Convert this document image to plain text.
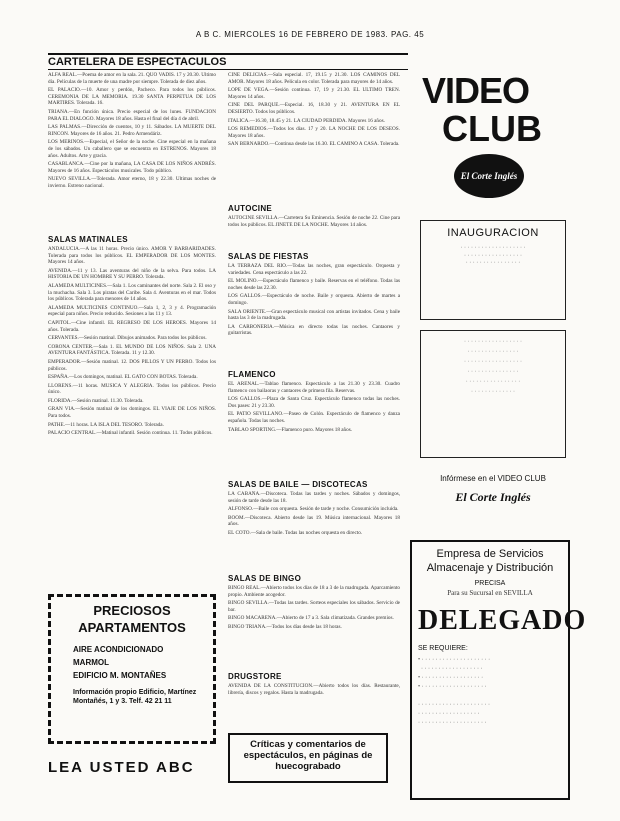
A B C. MIERCOLES 16 DE FEBRERO DE 1983. PAG. 45
CARTELERA DE ESPECTACULOS

ALFA REAL.—Poema de amor en la sala. 21. QUO VADIS. 17 y 20.30. Ultimo día. Películas de la muerte de una madre por siempre. Tolerada de diez años.

EL PALACIO.—10. Amor y perdón, Pacheco. Para todos los públicos. CEREMONIA DE LA MEMORIA. 19.30 SANTA PERPETUA DE LOS MARTIRES. Tolerada. 16.

TRIANA.—En función única. Precio especial de los lunes. FUNDACION PARA EL DIALOGO. Mayores 18 años. Hasta el final del día 4 de abril.

LAS PALMAS.—Dirección de cuentos, 10 y 11. Sábados. LA MUERTE DEL RINCON. Mayores de 16 años. 21. Pedro Armendáriz.

LOS MERINOS.—Especial, el Señor de la noche. Cine especial en la mañana de los sábados. Un caballero que se encuentra en ESTRENOS. Mayores 18 años. Adultos. Arte y gracia.

CASABLANCA.—Cine por la mañana, LA CASA DE LOS NIÑOS ANDRÉS. Mayores de 16 años. Espectáculos musicales. Todo público.

NUEVO SEVILLA.—Tolerada. Amor eterno, 18 y 22.30. Ultimas noches de invierno. Estreno nacional.

SALAS MATINALES

ANDALUCIA.—A las 11 horas. Precio único. AMOR Y BARBARIDADES. Tolerada para todos los públicos. EL EMPERADOR DE LOS MONTES. Mayores 14 años.

AVENIDA.—11 y 13. Las aventuras del niño de la selva. Para todos. LA HISTORIA DE UN HOMBRE Y SU PERRO. Tolerada.

ALAMEDA MULTICINES.—Sala 1. Los caminantes del norte. Sala 2. El oso y la muchacha. Sala 3. Los piratas del Caribe. Sala 4. Aventuras en el mar. Todos los públicos. Tolerada para menores de 14 años.

ALAMEDA MULTICINES CONTINUO.—Sala 1, 2, 3 y 4. Programación especial para niños. Precio reducido. Sesiones a las 11 y 13.

CAPITOL.—Cine infantil. EL REGRESO DE LOS HEROES. Mayores 14 años. Tolerada.

CERVANTES.—Sesión matinal. Dibujos animados. Para todos los públicos.

CORONA CENTER.—Sala 1. EL MUNDO DE LOS NIÑOS. Sala 2. UNA AVENTURA FANTÁSTICA. Tolerada. 11 y 12.30.

EMPERADOR.—Sesión matinal. 12. DOS PILLOS Y UN PERRO. Todos los públicos.

ESPAÑA.—Los domingos, matinal. EL GATO CON BOTAS. Tolerada.

LLORENS.—11 horas. MUSICA Y ALEGRIA. Todos los públicos. Precio único.

FLORIDA.—Sesión matinal. 11.30. Tolerada.

GRAN VIA.—Sesión matinal de los domingos. EL VIAJE DE LOS NIÑOS. Para todos.

PATHE.—11 horas. LA ISLA DEL TESORO. Tolerada.

PALACIO CENTRAL.—Matinal infantil. Sesión continua. 11. Todos públicos.

CINE DELICIAS.—Sala especial. 17, 19.15 y 21.30. LOS CAMINOS DEL AMOR. Mayores 18 años. Película en color. Tolerada para mayores de 14 años.

LOPE DE VEGA.—Sesión continua. 17, 19 y 21.30. EL ULTIMO TREN. Mayores 14 años.

CINE DEL PARQUE.—Especial. 16, 18.30 y 21. AVENTURA EN EL DESIERTO. Todos los públicos.

ITALICA.—16.30, 18.45 y 21. LA CIUDAD PERDIDA. Mayores 16 años.

LOS REMEDIOS.—Todos los días. 17 y 20. LA NOCHE DE LOS DESEOS. Mayores 18 años.

SAN BERNARDO.—Continua desde las 16.30. EL CAMINO A CASA. Tolerada.

AUTOCINE

AUTOCINE SEVILLA.—Carretera Su Eminencia. Sesión de noche 22. Cine para todos los públicos. EL JINETE DE LA NOCHE. Mayores 14 años.

SALAS DE FIESTAS

LA TERRAZA DEL RIO.—Todas las noches, gran espectáculo. Orquesta y variedades. Cena espectáculo a las 22.

EL MOLINO.—Espectáculo flamenco y baile. Reservas en el teléfono. Todas las noches desde las 22.30.

LOS GALLOS.—Espectáculo de noche. Baile y orquesta. Abierto de martes a domingo.

SALA ORIENTE.—Gran espectáculo musical con artistas invitados. Cena y baile hasta las 3 de la madrugada.

LA CARBONERIA.—Música en directo todas las noches. Cantaores y guitarristas.

FLAMENCO

EL ARENAL.—Tablao flamenco. Espectáculo a las 21.30 y 23.30. Cuadro flamenco con bailaoras y cantaores de primera fila. Reservas.

LOS GALLOS.—Plaza de Santa Cruz. Espectáculo flamenco todas las noches. Dos pases: 21 y 23.30.

EL PATIO SEVILLANO.—Paseo de Colón. Espectáculo de flamenco y danza española. Todas las noches.

TABLAO SPORTING.—Flamenco puro. Mayores 18 años.

SALAS DE BAILE — DISCOTECAS

LA CABAÑA.—Discoteca. Todas las tardes y noches. Sábados y domingos, sesión de tarde desde las 18.

ALFONSO.—Baile con orquesta. Sesión de tarde y noche. Consumición incluida.

BOOM.—Discoteca. Abierto desde las 19. Música internacional. Mayores 18 años.

EL COTO.—Sala de baile. Todas las noches orquesta en directo.

SALAS DE BINGO

BINGO REAL.—Abierto todos los días de 18 a 3 de la madrugada. Aparcamiento propio. Ambiente acogedor.

BINGO SEVILLA.—Todas las tardes. Sorteos especiales los sábados. Servicio de bar.

BINGO MACARENA.—Abierto de 17 a 3. Sala climatizada. Grandes premios.

BINGO TRIANA.—Todos los días desde las 18 horas.

DRUGSTORE

AVENIDA DE LA CONSTITUCION.—Abierto todos los días. Restaurante, librería, discos y regalos. Hasta la madrugada.

Críticas y comentarios de espectáculos, en páginas de huecograbado
PRECIOSOS
APARTAMENTOS
AIRE ACONDICIONADO
MARMOL
EDIFICIO M. MONTAÑES
Información propio Edificio, Martínez Montañés, 1 y 3. Telf. 42 21 11
LEA USTED ABC
VIDEO
CLUB
El Corte Inglés
INAUGURACION
· · · · · · · · · · · · · · · · · · ·
· · · · · · · · · · · · · · · · ·
· · · · · · · · · · · · · · · ·
· · · · · · · · · · · · · · · · ·
· · · · · · · · · · · · · · ·
· · · · · · · · · · · · · · · · ·
· · · · · · · · · · · · · · ·
· · · · · · · · · · · · · · · ·
· · · · · · · · · · · · ·
Infórmese en el VIDEO CLUB
El Corte Inglés
Empresa de Servicios
Almacenaje y Distribución
PRECISA
Para su Sucursal en SEVILLA
DELEGADO
SE REQUIERE:
• · · · · · · · · · · · · · · · · · · · ·
· · · · · · · · · · · · · · · · · ·
• · · · · · · · · · · · · · · · · · ·
• · · · · · · · · · · · · · · · · · · ·

· · · · · · · · · · · · · · · · · · · · ·
· · · · · · · · · · · · · · · · · ·
· · · · · · · · · · · · · · · · · · · ·
